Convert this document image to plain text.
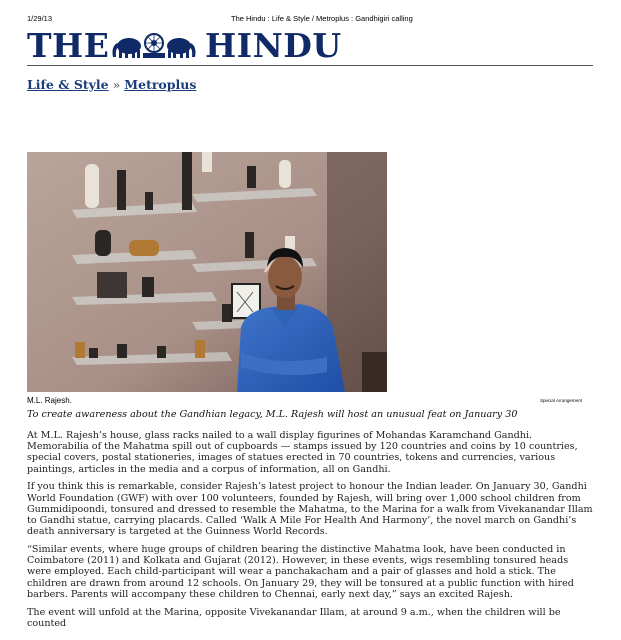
1/29/13	The Hindu : Life & Style / Metroplus : Gandhigiri calling
THE	HINDU
Life & Style » Metroplus
M.L. Rajesh.	Special Arrangement
To create awareness about the Gandhian legacy, M.L. Rajesh will host an unusual feat on January 30

At M.L. Rajesh’s house, glass racks nailed to a wall display figurines of Mohandas Karamchand Gandhi. Memorabilia of the Mahatma spill out of cupboards — stamps issued by 120 countries and coins by 10 countries, special covers, postal stationeries, images of statues erected in 70 countries, tokens and currencies, various paintings, articles in the media and a corpus of information, all on Gandhi.

If you think this is remarkable, consider Rajesh’s latest project to honour the Indian leader. On January 30, Gandhi World Foundation (GWF) with over 100 volunteers, founded by Rajesh, will bring over 1,000 school children from Gummidipoondi, tonsured and dressed to resemble the Mahatma, to the Marina for a walk from Vivekanandar Illam to Gandhi statue, carrying placards. Called ‘Walk A Mile For Health And Harmony’, the novel march on Gandhi’s death anniversary is targeted at the Guinness World Records.

“Similar events, where huge groups of children bearing the distinctive Mahatma look, have been conducted in Coimbatore (2011) and Kolkata and Gujarat (2012). However, in these events, wigs resembling tonsured heads were employed. Each child-participant will wear a panchakacham and a pair of glasses and hold a stick. The children are drawn from around 12 schools. On January 29, they will be tonsured at a public function with hired barbers. Parents will accompany these children to Chennai, early next day,” says an excited Rajesh.

The event will unfold at the Marina, opposite Vivekanandar Illam, at around 9 a.m., when the children will be counted
